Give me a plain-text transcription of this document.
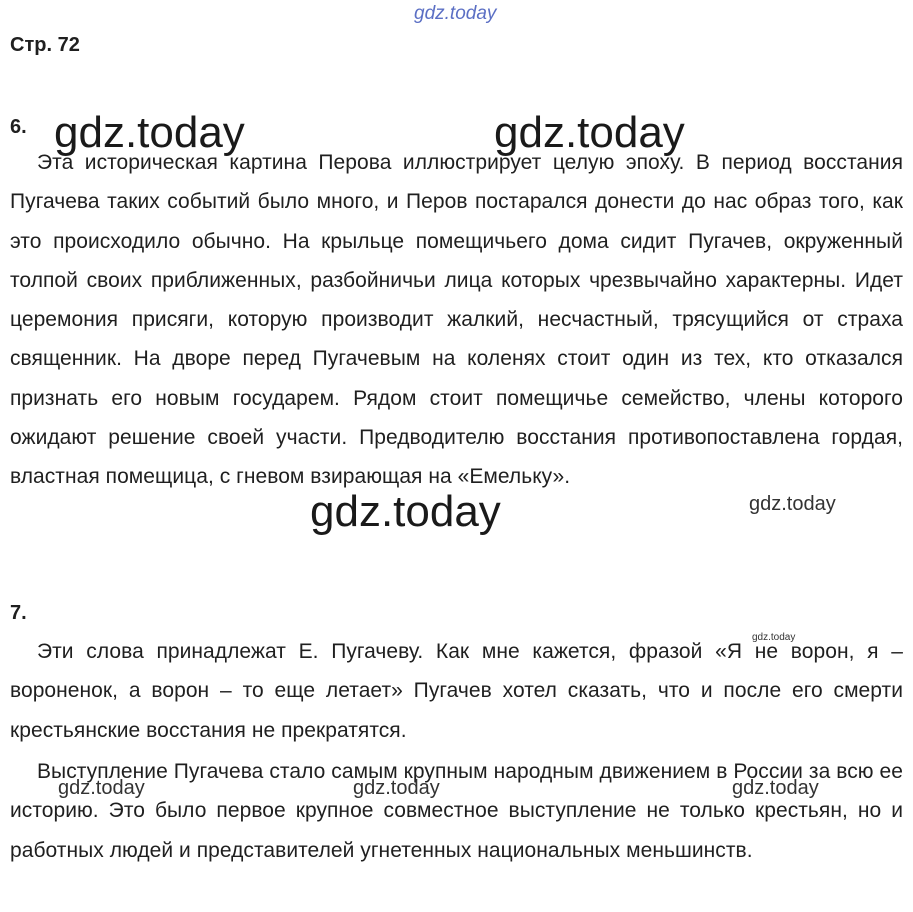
gdz.today
Стр. 72
6. gdz.today	gdz.today

Эта историческая картина Перова иллюстрирует целую эпоху. В период восстания Пугачева таких событий было много, и Перов постарался донести до нас образ того, как это происходило обычно. На крыльце помещичьего дома сидит Пугачев, окруженный толпой своих приближенных, разбойничьи лица которых чрезвычайно характерны. Идет церемония присяги, которую производит жалкий, несчастный, трясущийся от страха священник. На дворе перед Пугачевым на коленях стоит один из тех, кто отказался признать его новым государем. Рядом стоит помещичье семейство, члены которого ожидают решение своей участи. Предводителю восстания противопоставлена гордая, властная помещица, с гневом взирающая на «Емельку».

gdz.today	gdz.today
7.
gdz.today

Эти слова принадлежат Е. Пугачеву. Как мне кажется, фразой «Я не ворон, я – вороненок, а ворон – то еще летает» Пугачев хотел сказать, что и после его смерти крестьянские восстания не прекратятся.

Выступление Пугачева стало самым крупным народным движением в России за всю ее историю. Это было первое крупное совместное выступление не только крестьян, но и работных людей и представителей угнетенных национальных меньшинств.

gdz.today	gdz.today	gdz.today
